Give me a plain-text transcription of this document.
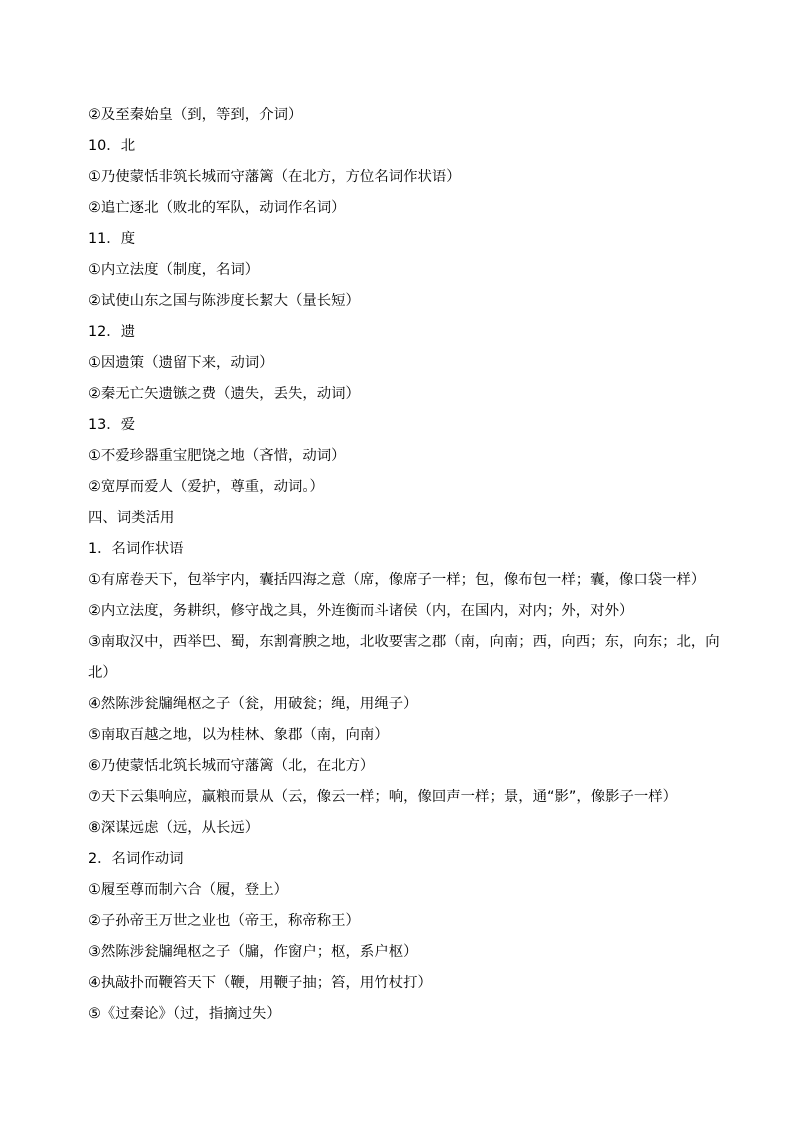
②及至秦始皇（到，等到，介词）
10．北
①乃使蒙恬非筑长城而守藩篱（在北方，方位名词作状语）
②追亡逐北（败北的军队，动词作名词）
11．度
①内立法度（制度，名词）
②试使山东之国与陈涉度长絜大（量长短）
12．遗
①因遗策（遗留下来，动词）
②秦无亡矢遗镞之费（遗失，丢失，动词）
13．爱
①不爱珍器重宝肥饶之地（吝惜，动词）
②宽厚而爱人（爱护，尊重，动词。）
四、词类活用
1．名词作状语
①有席卷天下，包举宇内，囊括四海之意（席，像席子一样；包，像布包一样；囊，像口袋一样）
②内立法度，务耕织，修守战之具，外连衡而斗诸侯（内，在国内，对内；外，对外）
③南取汉中，西举巴、蜀，东割膏腴之地，北收要害之郡（南，向南；西，向西；东，向东；北，向北）
④然陈涉瓮牖绳枢之子（瓮，用破瓮；绳，用绳子）
⑤南取百越之地，以为桂林、象郡（南，向南）
⑥乃使蒙恬北筑长城而守藩篱（北，在北方）
⑦天下云集响应，赢粮而景从（云，像云一样；响，像回声一样；景，通“影”，像影子一样）
⑧深谋远虑（远，从长远）
2．名词作动词
①履至尊而制六合（履，登上）
②子孙帝王万世之业也（帝王，称帝称王）
③然陈涉瓮牖绳枢之子（牖，作窗户；枢，系户枢）
④执敲扑而鞭笞天下（鞭，用鞭子抽；笞，用竹杖打）
⑤《过秦论》（过，指摘过失）
